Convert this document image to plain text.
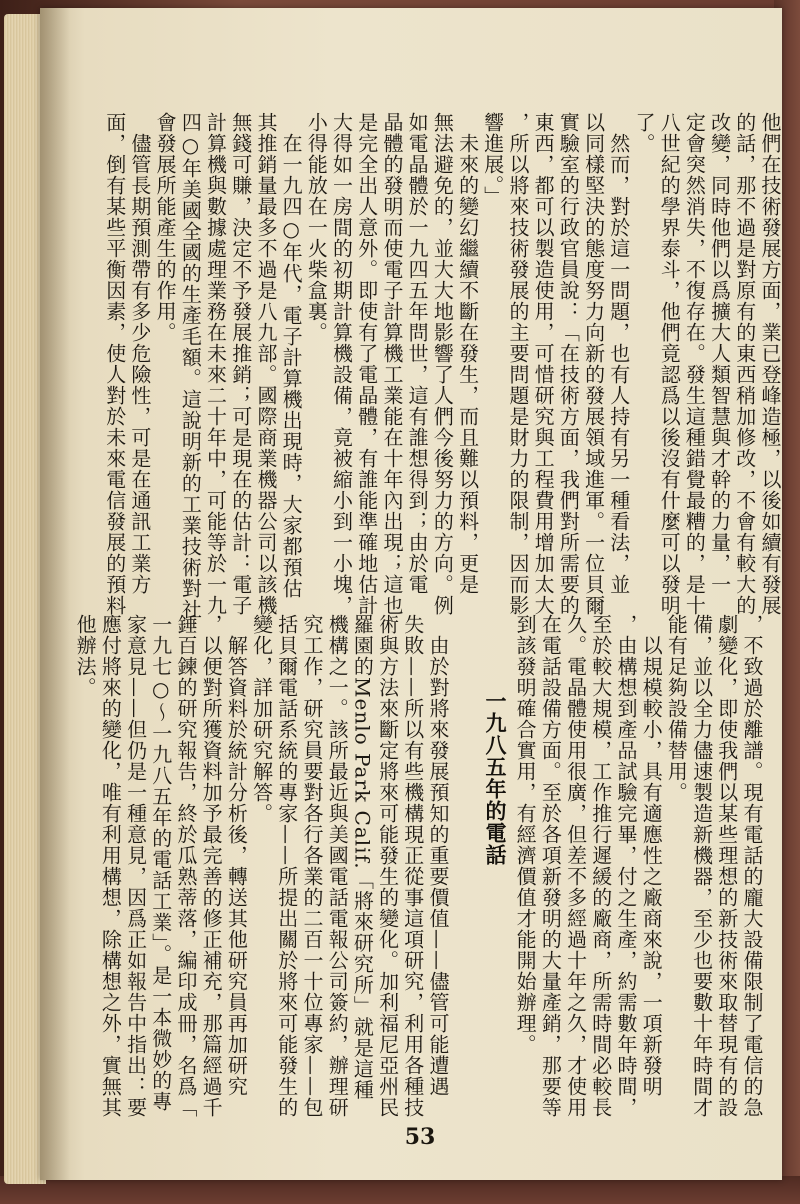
他們在技術發展方面，業已登峰造極，以後如續有發展
的話，那不過是對原有的東西稍加修改，不會有較大的
改變，同時他們以爲擴大人類智慧與才幹的力量，一
定會突然消失，不復存在。發生這種錯覺最糟的，是十
八世紀的學界泰斗，他們竟認爲以後沒有什麼可以發明
了。
　然而，對於這一問題，也有人持有另一種看法，並
以同樣堅決的態度努力向新的發展領域進軍。一位貝爾
實驗室的行政官員說：「在技術方面，我們對所需要的
東西，都可以製造使用，可惜研究與工程費用增加太大
，所以將來技術發展的主要問題是財力的限制，因而影
響進展。」
　未來的變幻繼續不斷在發生，而且難以預料，更是
無法避免的，並大大地影響了人們今後努力的方向。例
如電晶體於一九四五年問世，這有誰想得到；由於電
晶體的發明而使電子計算機工業能在十年內出現；這也
是完全出人意外。即使有了電晶體，有誰能準確地估計
大得如一房間的初期計算機設備，竟被縮小到一小塊，
小得能放在一火柴盒裏。
　在一九四○年代，電子計算機出現時，大家都預估
其推銷量最多不過是八九部。國際商業機器公司以該機
無錢可賺，決定不予發展推銷；可是現在的估計：電子
計算機與數據處理業務在未來二十年中，可能等於一九
四○年美國全國的生產毛額。這說明新的工業技術對社
會發展所能產生的作用。
　儘管長期預測帶有多少危險性，可是在通訊工業方
面，倒有某些平衡因素，使人對於未來電信發展的預料
，不致過於離譜。現有電話的龐大設備限制了電信的急
劇變化，即使我們以某些理想的新技術來取替現有的設
備，並以全力儘速製造新機器，至少也要數十年時間才
能有足夠設備替用。
　以規模較小，具有適應性之廠商來說，一項新發明
，由構想到產品試驗完畢，付之生產，約需數年時間，
至於較大規模，工作推行遲緩的廠商，所需時間必較長
久。電晶體使用很廣，但差不多經過十年之久，才使用
在電話設備方面。至於各項新發明的大量產銷，那要等
到該發明確合實用，有經濟價值才能開始辦理。
一九八五年的電話
　由於對將來發展預知的重要價值——儘管可能遭遇
失敗——所以有些機構現正從事這項研究，利用各種技
術與方法來斷定將來可能發生的變化。加利福尼亞州民
羅園的Menlo Park Calif.「將來研究所」就是這種
機構之一。該所最近與美國電話電報公司簽約，辦理研
究工作，研究員要對各行各業的二百一十位專家——包
括貝爾電話系統的專家——所提出關於將來可能發生的
變化，詳加研究解答。
　解答資料於統計分析後，轉送其他研究員再加研究
，以便對所獲資料加予最完善的修正補充，那篇經過千
錘百鍊的研究報告，終於瓜熟蒂落，編印成冊，名爲「
一九七○～一九八五年的電話工業」。是一本微妙的專
家意見——但仍是一種意見，因爲正如報告中指出：要
應付將來的變化，唯有利用構想，除構想之外，實無其
他辦法。
53
